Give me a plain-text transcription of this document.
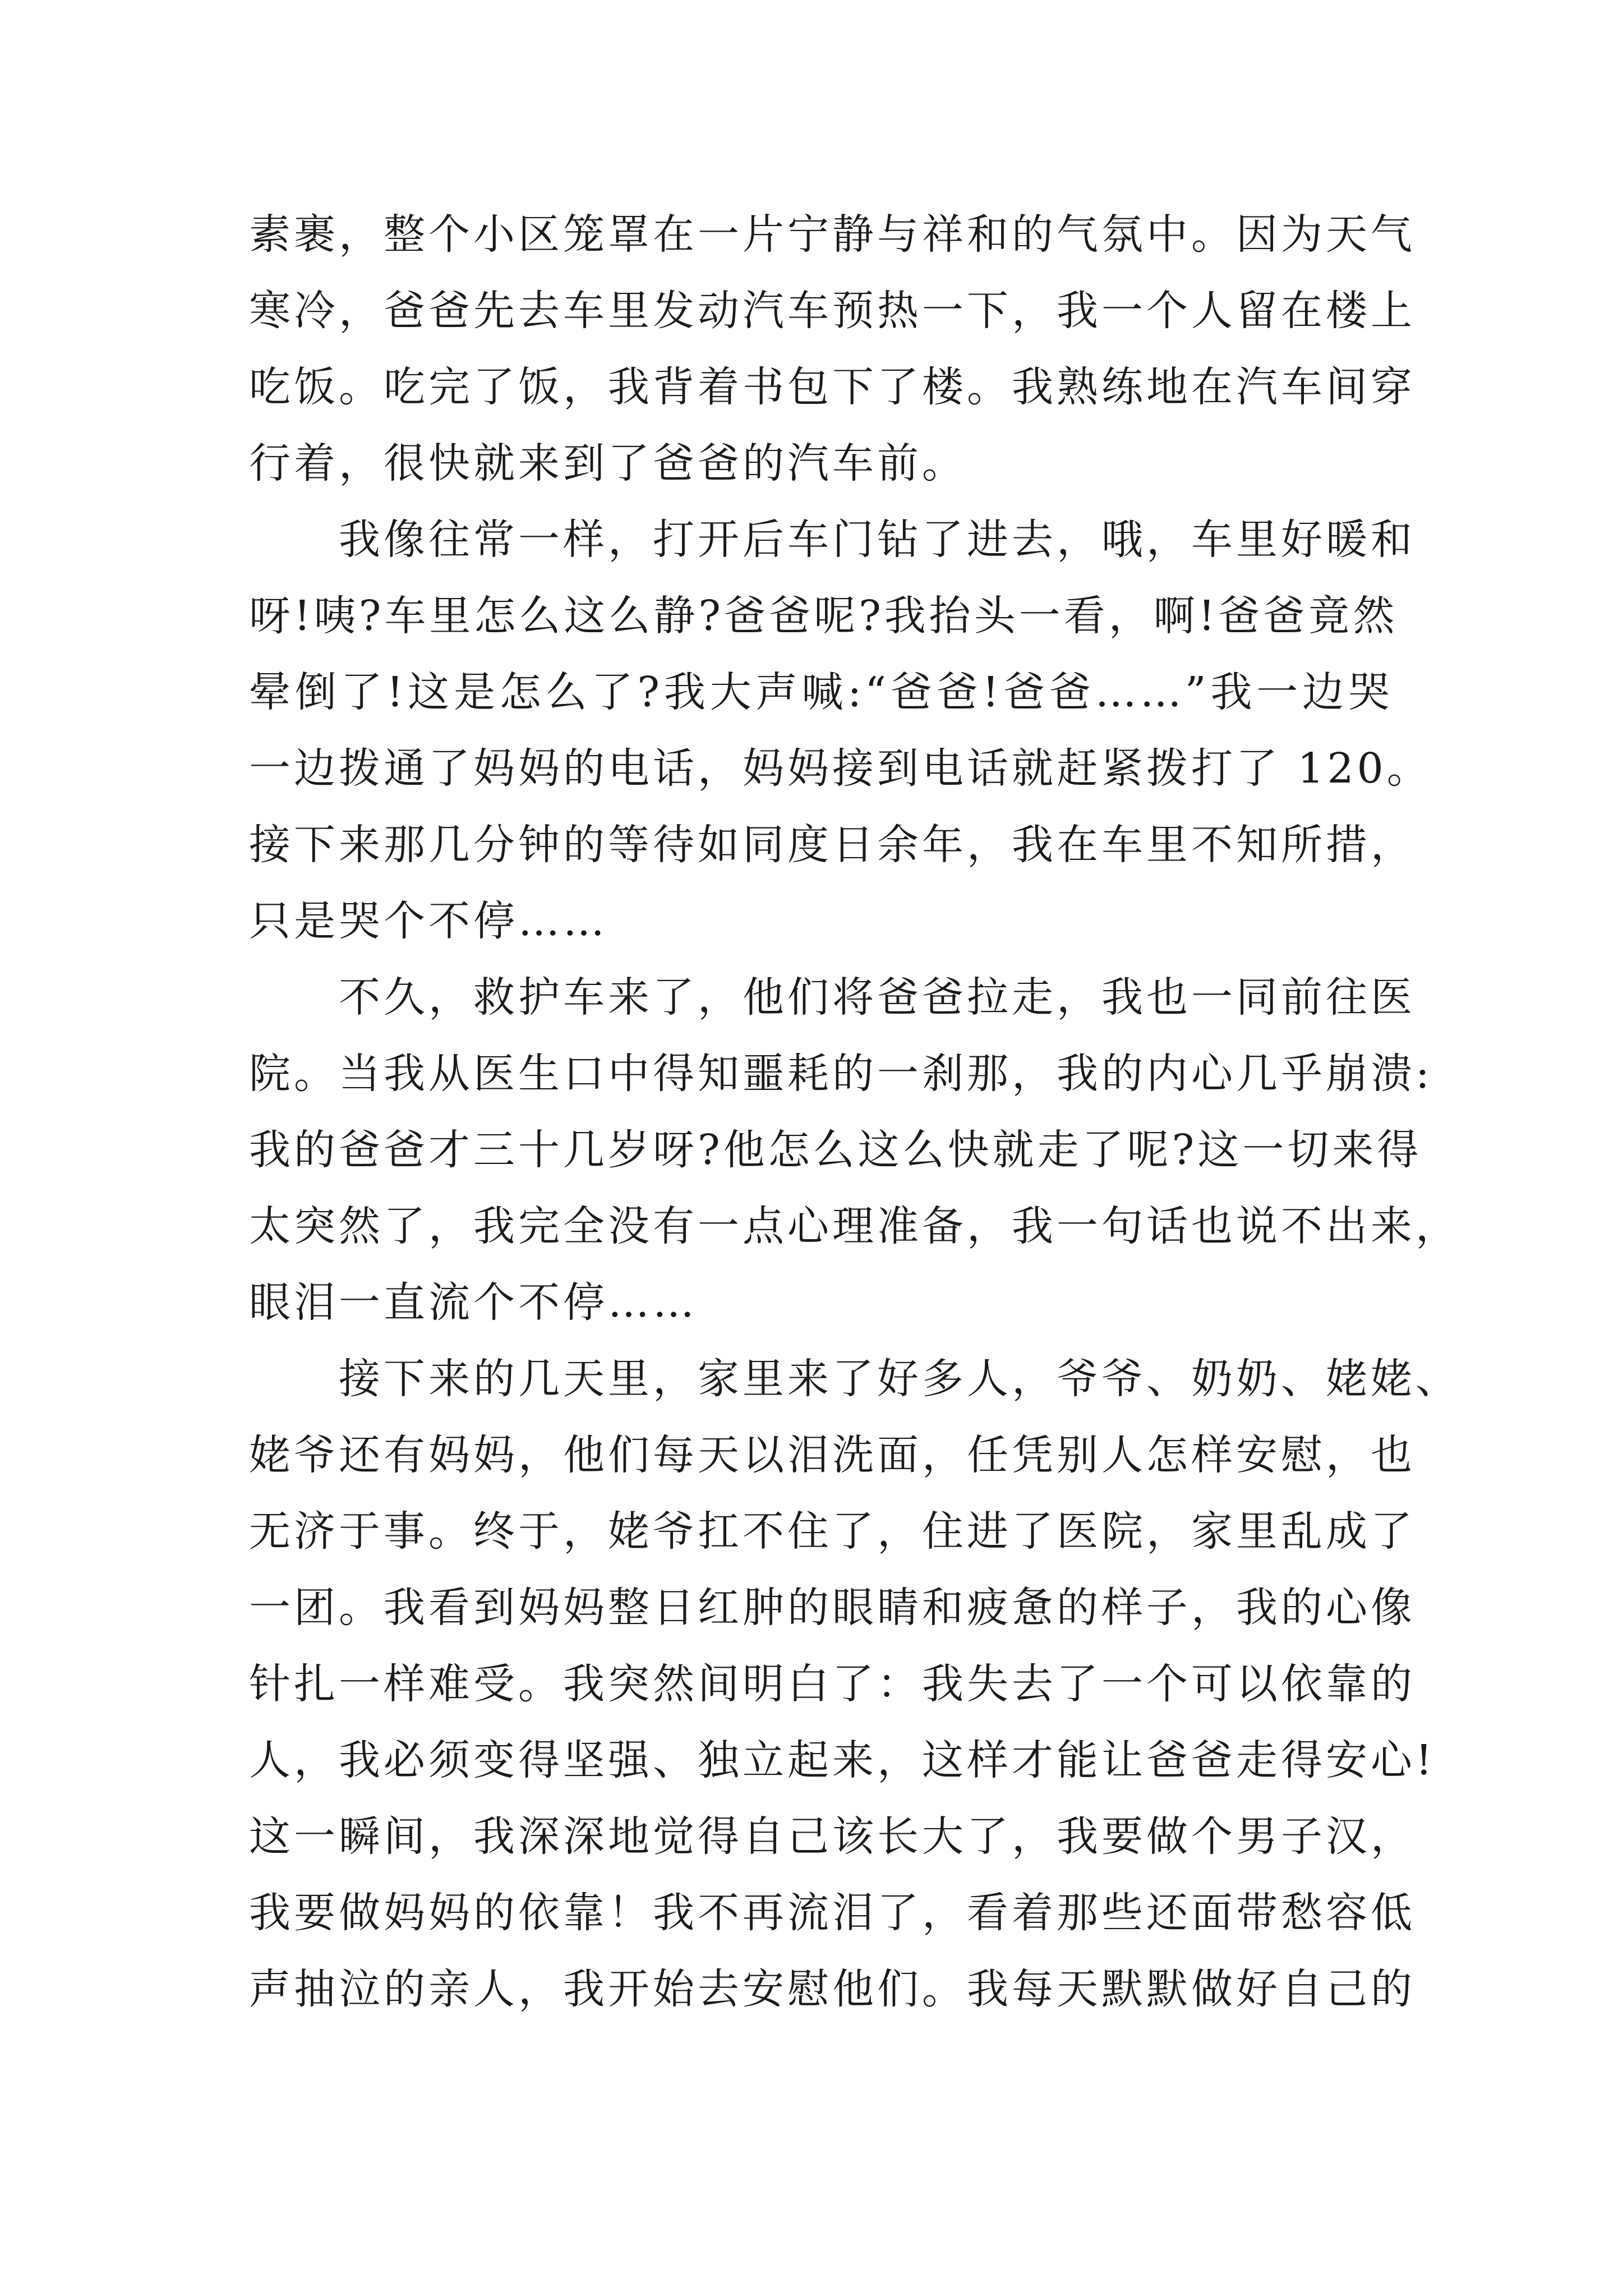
素裹，整个小区笼罩在一片宁静与祥和的气氛中。因为天气
寒冷，爸爸先去车里发动汽车预热一下，我一个人留在楼上
吃饭。吃完了饭，我背着书包下了楼。我熟练地在汽车间穿
行着，很快就来到了爸爸的汽车前。
我像往常一样，打开后车门钻了进去，哦，车里好暖和
呀!咦?车里怎么这么静?爸爸呢?我抬头一看，啊!爸爸竟然
晕倒了!这是怎么了?我大声喊:“爸爸!爸爸……”我一边哭
一边拨通了妈妈的电话，妈妈接到电话就赶紧拨打了 120。
接下来那几分钟的等待如同度日余年，我在车里不知所措，
只是哭个不停……
不久，救护车来了，他们将爸爸拉走，我也一同前往医
院。当我从医生口中得知噩耗的一刹那，我的内心几乎崩溃:
我的爸爸才三十几岁呀?他怎么这么快就走了呢?这一切来得
太突然了，我完全没有一点心理准备，我一句话也说不出来，
眼泪一直流个不停……
接下来的几天里，家里来了好多人，爷爷、奶奶、姥姥、
姥爷还有妈妈，他们每天以泪洗面，任凭别人怎样安慰，也
无济于事。终于，姥爷扛不住了，住进了医院，家里乱成了
一团。我看到妈妈整日红肿的眼睛和疲惫的样子，我的心像
针扎一样难受。我突然间明白了：我失去了一个可以依靠的
人，我必须变得坚强、独立起来，这样才能让爸爸走得安心!
这一瞬间，我深深地觉得自己该长大了，我要做个男子汉，
我要做妈妈的依靠！我不再流泪了，看着那些还面带愁容低
声抽泣的亲人，我开始去安慰他们。我每天默默做好自己的
